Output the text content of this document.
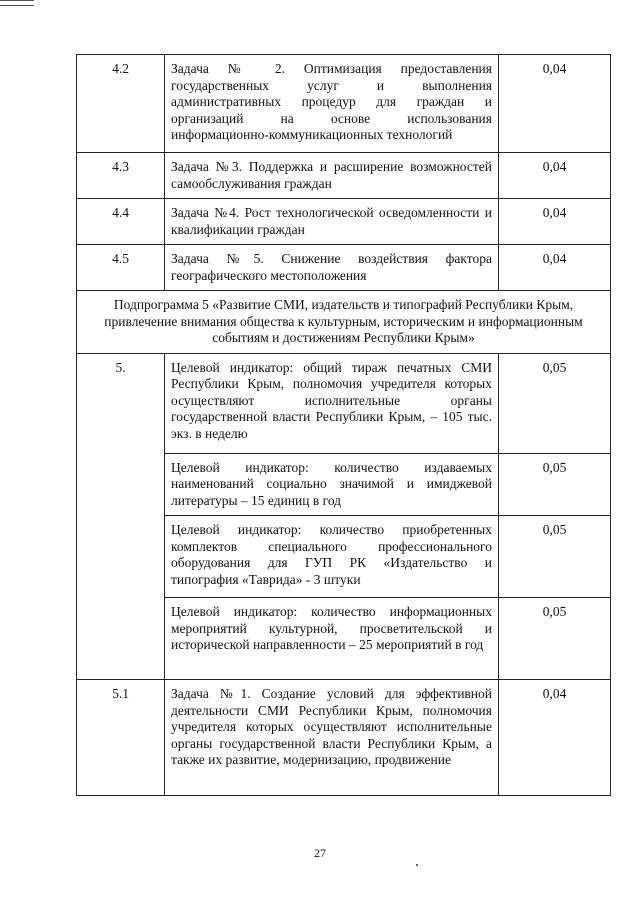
4.2	Задача № 2. Оптимизация предоставления государственных услуг и выполнения административных процедур для граждан и организаций на основе использования информационно-коммуникационных технологий	0,04
4.3	Задача №3. Поддержка и расширение возможностей самообслуживания граждан	0,04
4.4	Задача №4. Рост технологической осведомленности и квалификации граждан	0,04
4.5	Задача №5. Снижение воздействия фактора географического местоположения	0,04
Подпрограмма 5 «Развитие СМИ, издательств и типографий Республики Крым, привлечение внимания общества к культурным, историческим и информационным событиям и достижениям Республики Крым»		
5.	Целевой индикатор: общий тираж печатных СМИ Республики Крым, полномочия учредителя которых осуществляют исполнительные органы государственной власти Республики Крым, – 105 тыс. экз. в неделю	0,05
	Целевой индикатор: количество издаваемых наименований социально значимой и имиджевой литературы – 15 единиц в год	0,05
	Целевой индикатор: количество приобретенных комплектов специального профессионального оборудования для ГУП РК «Издательство и типография «Таврида» - 3 штуки	0,05
	Целевой индикатор: количество информационных мероприятий культурной, просветительской и исторической направленности – 25 мероприятий в год	0,05
5.1	Задача №1. Создание условий для эффективной деятельности СМИ Республики Крым, полномочия учредителя которых осуществляют исполнительные органы государственной власти Республики Крым, а также их развитие, модернизацию, продвижение	0,04
27
